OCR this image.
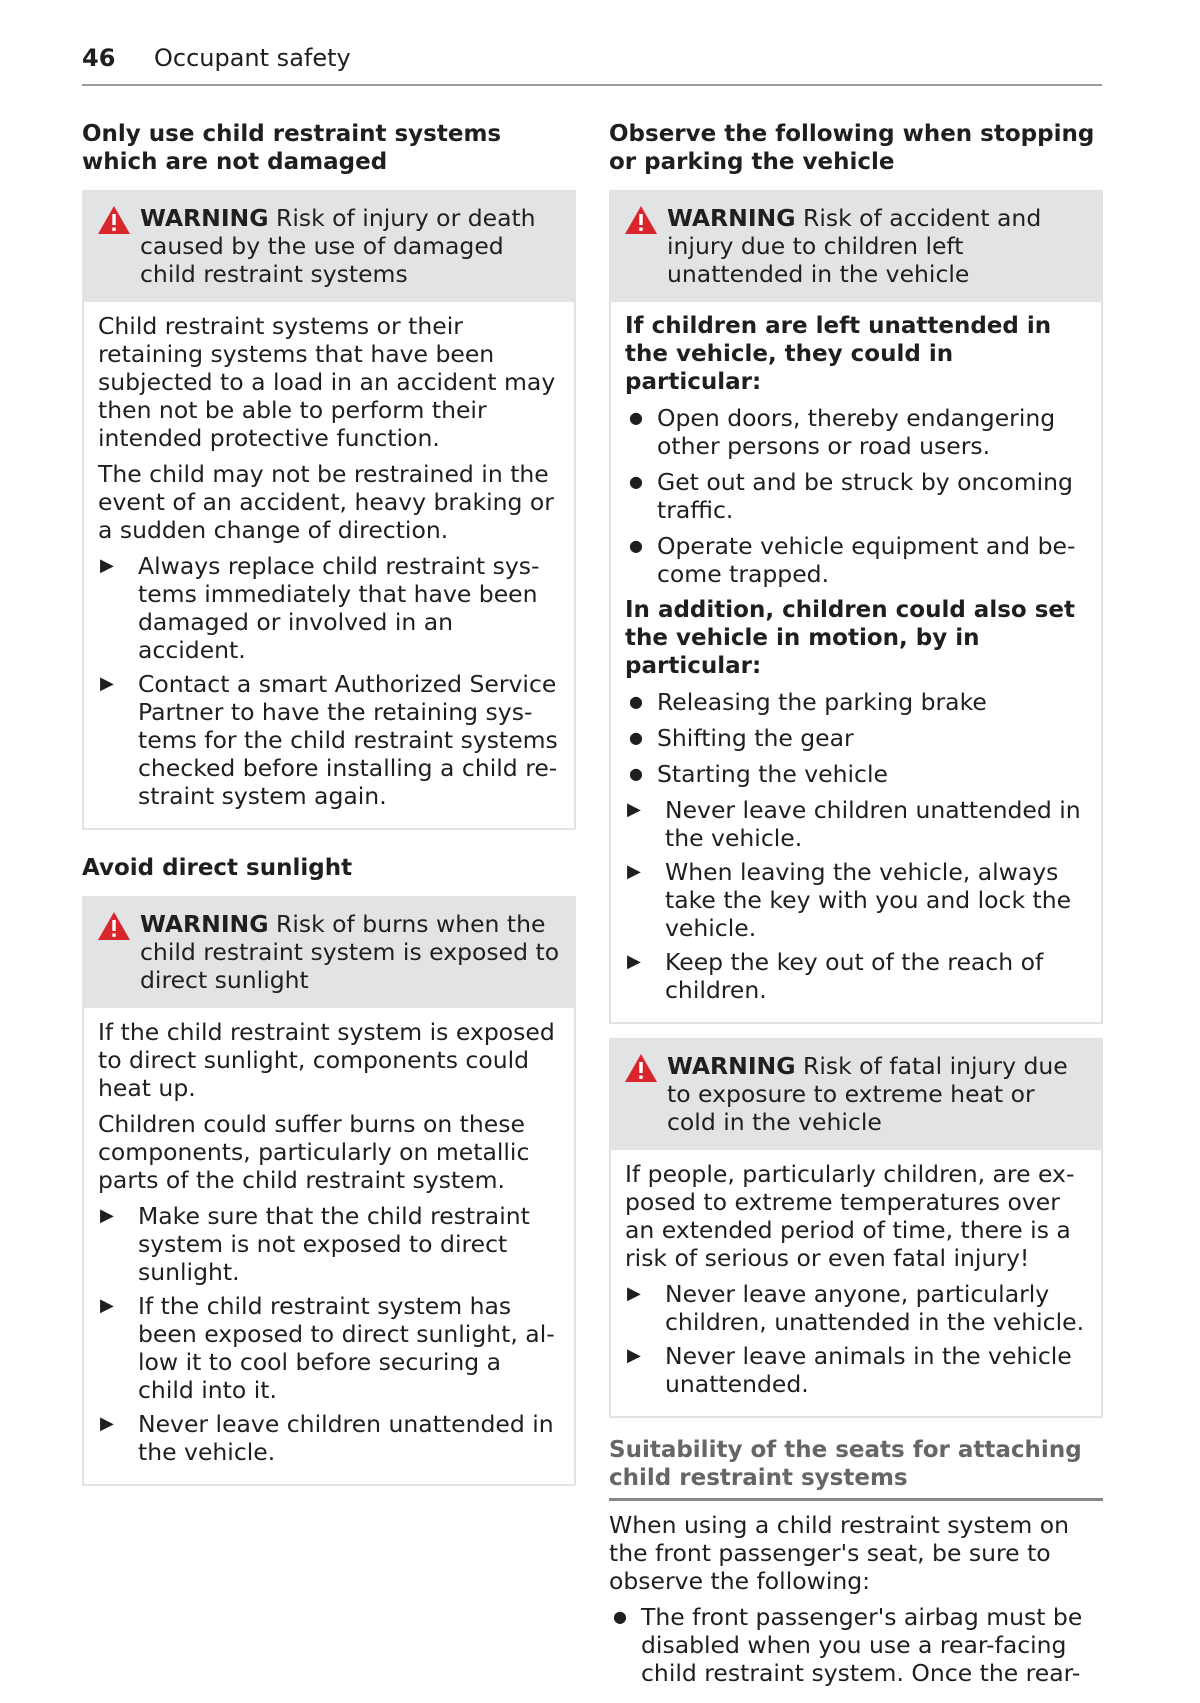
46 Occupant safety
Only use child restraint systems which are not damaged
WARNING Risk of injury or death caused by the use of damaged child restraint systems

Child restraint systems or their retaining systems that have been subjected to a load in an accident may then not be able to perform their intended protective function.

The child may not be restrained in the event of an accident, heavy braking or a sudden change of direction.

▶ Always replace child restraint sys- tems immediately that have been damaged or involved in an accident.
▶ Contact a smart Authorized Service Partner to have the retaining sys- tems for the child restraint systems checked before installing a child re- straint system again.
Avoid direct sunlight
WARNING Risk of burns when the child restraint system is exposed to direct sunlight

If the child restraint system is exposed to direct sunlight, components could heat up.

Children could suffer burns on these components, particularly on metallic parts of the child restraint system.

▶ Make sure that the child restraint system is not exposed to direct sunlight.
▶ If the child restraint system has been exposed to direct sunlight, al- low it to cool before securing a child into it.
▶ Never leave children unattended in the vehicle.
Observe the following when stopping or parking the vehicle
WARNING Risk of accident and injury due to children left unattended in the vehicle

If children are left unattended in the vehicle, they could in particular:

● Open doors, thereby endangering other persons or road users.
● Get out and be struck by oncoming traffic.
● Operate vehicle equipment and be- come trapped.

In addition, children could also set the vehicle in motion, by in particular:

● Releasing the parking brake
● Shifting the gear
● Starting the vehicle
▶ Never leave children unattended in the vehicle.
▶ When leaving the vehicle, always take the key with you and lock the vehicle.
▶ Keep the key out of the reach of children.
WARNING Risk of fatal injury due to exposure to extreme heat or cold in the vehicle

If people, particularly children, are ex- posed to extreme temperatures over an extended period of time, there is a risk of serious or even fatal injury!

▶ Never leave anyone, particularly children, unattended in the vehicle.
▶ Never leave animals in the vehicle unattended.
Suitability of the seats for attaching child restraint systems

When using a child restraint system on the front passenger's seat, be sure to observe the following:

● The front passenger's airbag must be disabled when you use a rear-facing child restraint system. Once the rear-
